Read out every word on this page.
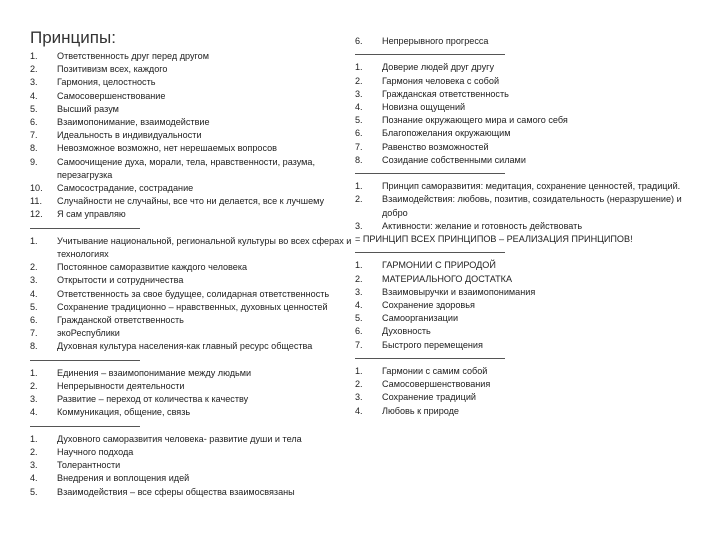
Принципы:
1. Ответственность друг перед другом
2. Позитивизм всех, каждого
3. Гармония, целостность
4. Самосовершенствование
5. Высший разум
6. Взаимопонимание, взаимодействие
7. Идеальность в индивидуальности
8. Невозможное возможно, нет нерешаемых вопросов
9. Самоочищение духа, морали, тела, нравственности, разума, перезагрузка
10. Самосострадание, сострадание
11. Случайности не случайны, все что ни делается, все к лучшему
12. Я сам управляю
1. Учитывание национальной, региональной культуры во всех сферах и технологиях
2. Постоянное саморазвитие каждого человека
3. Открытости и сотрудничества
4. Ответственность за свое будущее, солидарная ответственность
5. Сохранение традиционно – нравственных, духовных ценностей
6. Гражданской ответственность
7. экоРеспублики
8. Духовная культура населения-как главный ресурс общества
1. Единения – взаимопонимание между людьми
2. Непрерывности деятельности
3. Развитие – переход от количества к качеству
4. Коммуникация, общение, связь
1. Духовного саморазвития человека- развитие души и тела
2. Научного подхода
3. Толерантности
4. Внедрения и воплощения идей
5. Взаимодействия – все сферы общества взаимосвязаны
6. Непрерывного прогресса
1. Доверие людей друг другу
2. Гармония человека с собой
3. Гражданская ответственность
4. Новизна ощущений
5. Познание окружающего мира и самого себя
6. Благопожелания окружающим
7. Равенство возможностей
8. Созидание собственными силами
1. Принцип саморазвития: медитация, сохранение ценностей, традиций.
2. Взаимодействия: любовь, позитив, созидательность (неразрушение) и добро
3. Активности: желание и готовность действовать
= ПРИНЦИП ВСЕХ ПРИНЦИПОВ – РЕАЛИЗАЦИЯ ПРИНЦИПОВ!
1. ГАРМОНИИ С ПРИРОДОЙ
2. МАТЕРИАЛЬНОГО ДОСТАТКА
3. Взаимовыручки и взаимопонимания
4. Сохранение здоровья
5. Самоорганизации
6. Духовность
7. Быстрого перемещения
1. Гармонии с самим собой
2. Самосовершенствования
3. Сохранение традиций
4. Любовь к природе
